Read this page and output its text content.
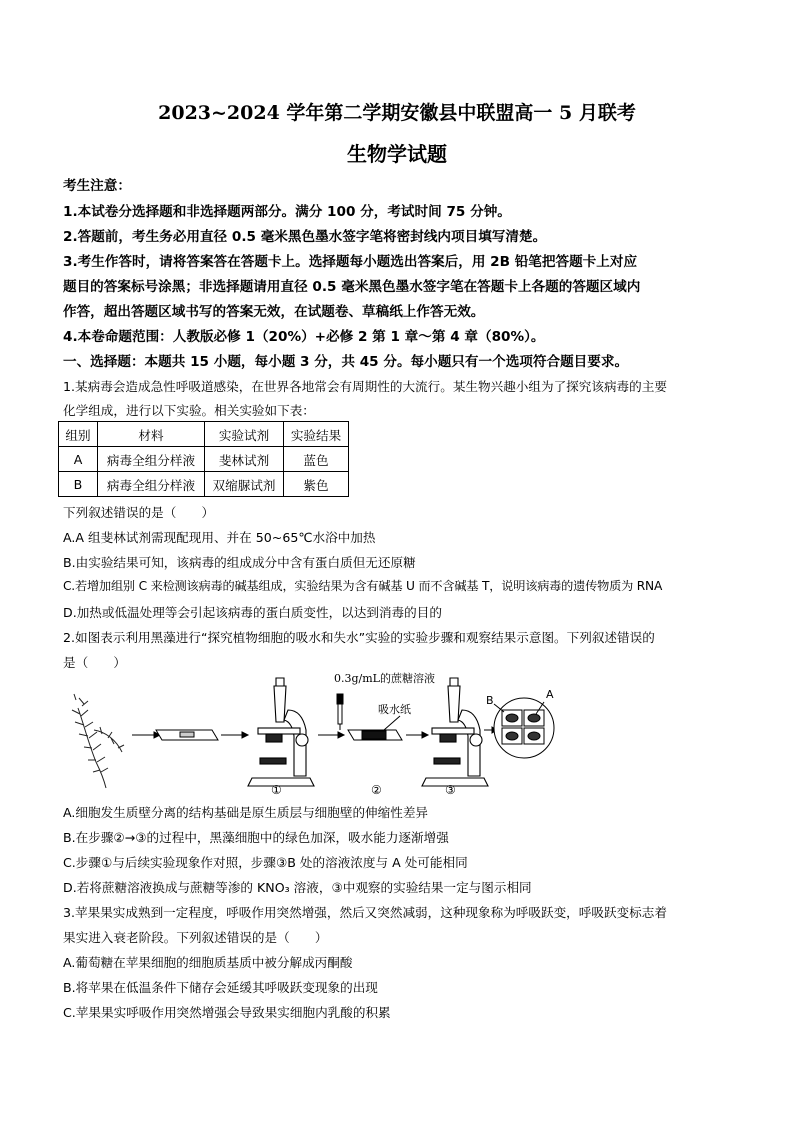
2023~2024 学年第二学期安徽县中联盟高一 5 月联考
生物学试题
考生注意：
1.本试卷分选择题和非选择题两部分。满分 100 分，考试时间 75 分钟。
2.答题前，考生务必用直径 0.5 毫米黑色墨水签字笔将密封线内项目填写清楚。
3.考生作答时，请将答案答在答题卡上。选择题每小题选出答案后，用 2B 铅笔把答题卡上对应
题目的答案标号涂黑；非选择题请用直径 0.5 毫米黑色墨水签字笔在答题卡上各题的答题区域内
作答，超出答题区域书写的答案无效，在试题卷、草稿纸上作答无效。
4.本卷命题范围：人教版必修 1（20%）+必修 2 第 1 章～第 4 章（80%）。
一、选择题：本题共 15 小题，每小题 3 分，共 45 分。每小题只有一个选项符合题目要求。
1.某病毒会造成急性呼吸道感染，在世界各地常会有周期性的大流行。某生物兴趣小组为了探究该病毒的主要
化学组成，进行以下实验。相关实验如下表：
组别	材料	实验试剂	实验结果
A	病毒全组分样液	斐林试剂	蓝色
B	病毒全组分样液	双缩脲试剂	紫色
下列叙述错误的是（　　）
A.A 组斐林试剂需现配现用、并在 50~65℃水浴中加热
B.由实验结果可知，该病毒的组成成分中含有蛋白质但无还原糖
C.若增加组别 C 来检测该病毒的碱基组成，实验结果为含有碱基 U 而不含碱基 T，说明该病毒的遗传物质为 RNA
D.加热或低温处理等会引起该病毒的蛋白质变性，以达到消毒的目的
2.如图表示利用黑藻进行“探究植物细胞的吸水和失水”实验的实验步骤和观察结果示意图。下列叙述错误的
是（　　）
0.3g/mL的蔗糖溶液
吸水纸
B	A
①	②	③
A.细胞发生质壁分离的结构基础是原生质层与细胞壁的伸缩性差异
B.在步骤②→③的过程中，黑藻细胞中的绿色加深，吸水能力逐渐增强
C.步骤①与后续实验现象作对照，步骤③B 处的溶液浓度与 A 处可能相同
D.若将蔗糖溶液换成与蔗糖等渗的 KNO₃ 溶液，③中观察的实验结果一定与图示相同
3.苹果果实成熟到一定程度，呼吸作用突然增强，然后又突然减弱，这种现象称为呼吸跃变，呼吸跃变标志着
果实进入衰老阶段。下列叙述错误的是（　　）
A.葡萄糖在苹果细胞的细胞质基质中被分解成丙酮酸
B.将苹果在低温条件下储存会延缓其呼吸跃变现象的出现
C.苹果果实呼吸作用突然增强会导致果实细胞内乳酸的积累
